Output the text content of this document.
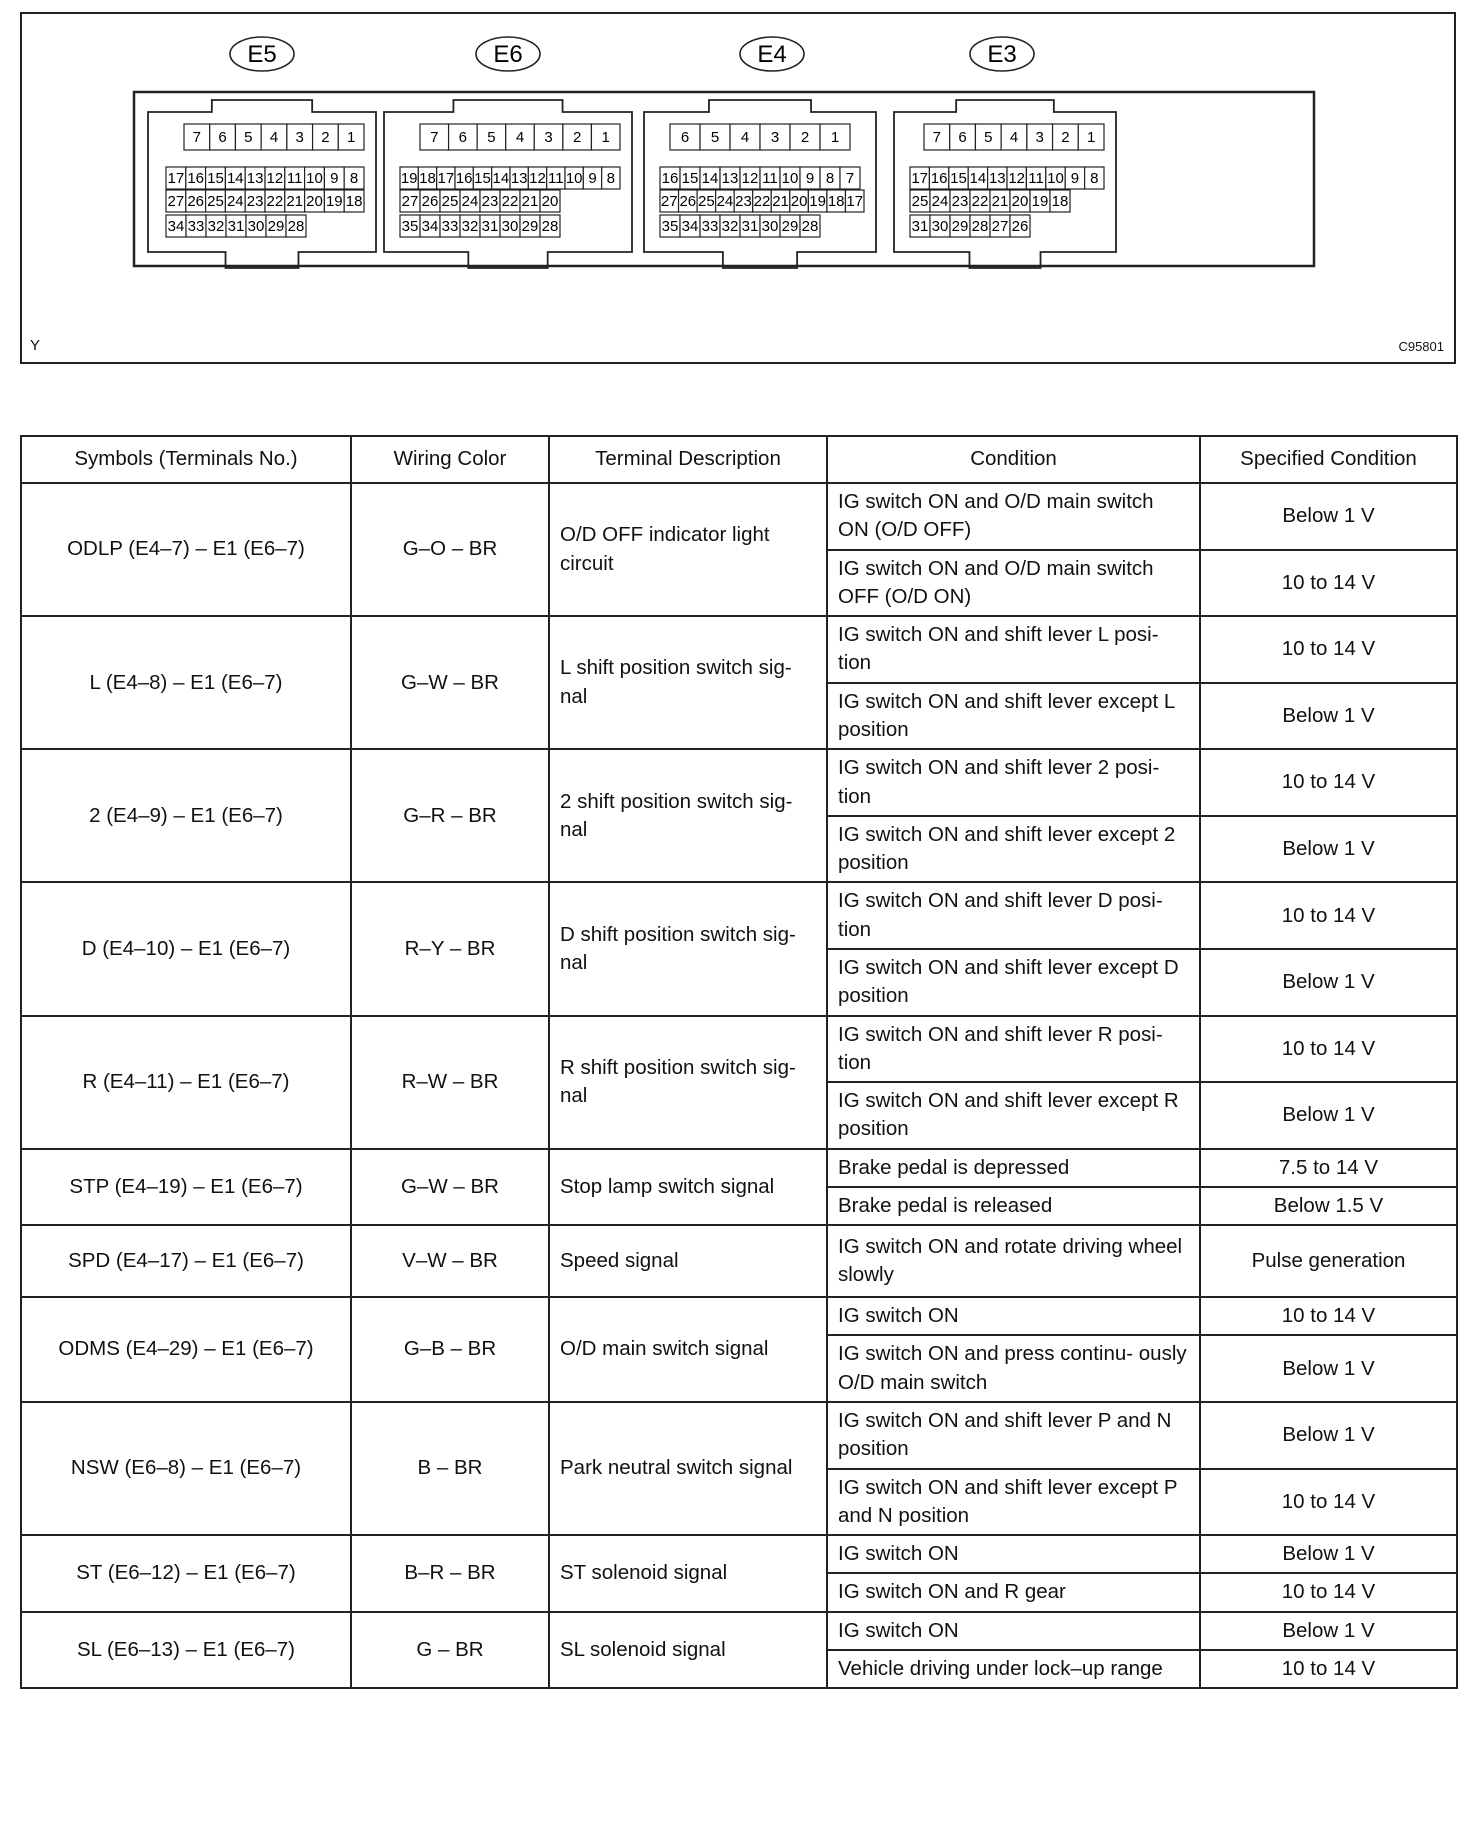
E5
7 6 5 4 3 2 1
17 16 15 14 13 12 11 10 9 8
27 26 25 24 23 22 21 20 19 18
34 33 32 31 30 29 28
E6
7 6 5 4 3 2 1
19 18 17 16 15 14 13 12 11 10 9 8
27 26 25 24 23 22 21 20
35 34 33 32 31 30 29 28
E4
6 5 4 3 2 1
16 15 14 13 12 11 10 9 8 7
27 26 25 24 23 22 21 20 19 18 17
35 34 33 32 31 30 29 28
E3
7 6 5 4 3 2 1
17 16 15 14 13 12 11 10 9 8
25 24 23 22 21 20 19 18
31 30 29 28 27 26
Y	C95801
Symbols (Terminals No.)	Wiring Color	Terminal Description	Condition	Specified Condition
ODLP (E4–7) – E1 (E6–7)	G–O – BR	O/D OFF indicator light circuit	IG switch ON and O/D main switch ON (O/D OFF)	Below 1 V
			IG switch ON and O/D main switch OFF (O/D ON)	10 to 14 V
L (E4–8) – E1 (E6–7)	G–W – BR	L shift position switch sig- nal	IG switch ON and shift lever L posi- tion	10 to 14 V
			IG switch ON and shift lever except L position	Below 1 V
2 (E4–9) – E1 (E6–7)	G–R – BR	2 shift position switch sig- nal	IG switch ON and shift lever 2 posi- tion	10 to 14 V
			IG switch ON and shift lever except 2 position	Below 1 V
D (E4–10) – E1 (E6–7)	R–Y – BR	D shift position switch sig- nal	IG switch ON and shift lever D posi- tion	10 to 14 V
			IG switch ON and shift lever except D position	Below 1 V
R (E4–11) – E1 (E6–7)	R–W – BR	R shift position switch sig- nal	IG switch ON and shift lever R posi- tion	10 to 14 V
			IG switch ON and shift lever except R position	Below 1 V
STP (E4–19) – E1 (E6–7)	G–W – BR	Stop lamp switch signal	Brake pedal is depressed	7.5 to 14 V
			Brake pedal is released	Below 1.5 V
SPD (E4–17) – E1 (E6–7)	V–W – BR	Speed signal	IG switch ON and rotate driving wheel slowly	Pulse generation
ODMS (E4–29) – E1 (E6–7)	G–B – BR	O/D main switch signal	IG switch ON	10 to 14 V
			IG switch ON and press continu- ously O/D main switch	Below 1 V
NSW (E6–8) – E1 (E6–7)	B – BR	Park neutral switch signal	IG switch ON and shift lever P and N position	Below 1 V
			IG switch ON and shift lever except P and N position	10 to 14 V
ST (E6–12) – E1 (E6–7)	B–R – BR	ST solenoid signal	IG switch ON	Below 1 V
			IG switch ON and R gear	10 to 14 V
SL (E6–13) – E1 (E6–7)	G – BR	SL solenoid signal	IG switch ON	Below 1 V
			Vehicle driving under lock–up range	10 to 14 V
